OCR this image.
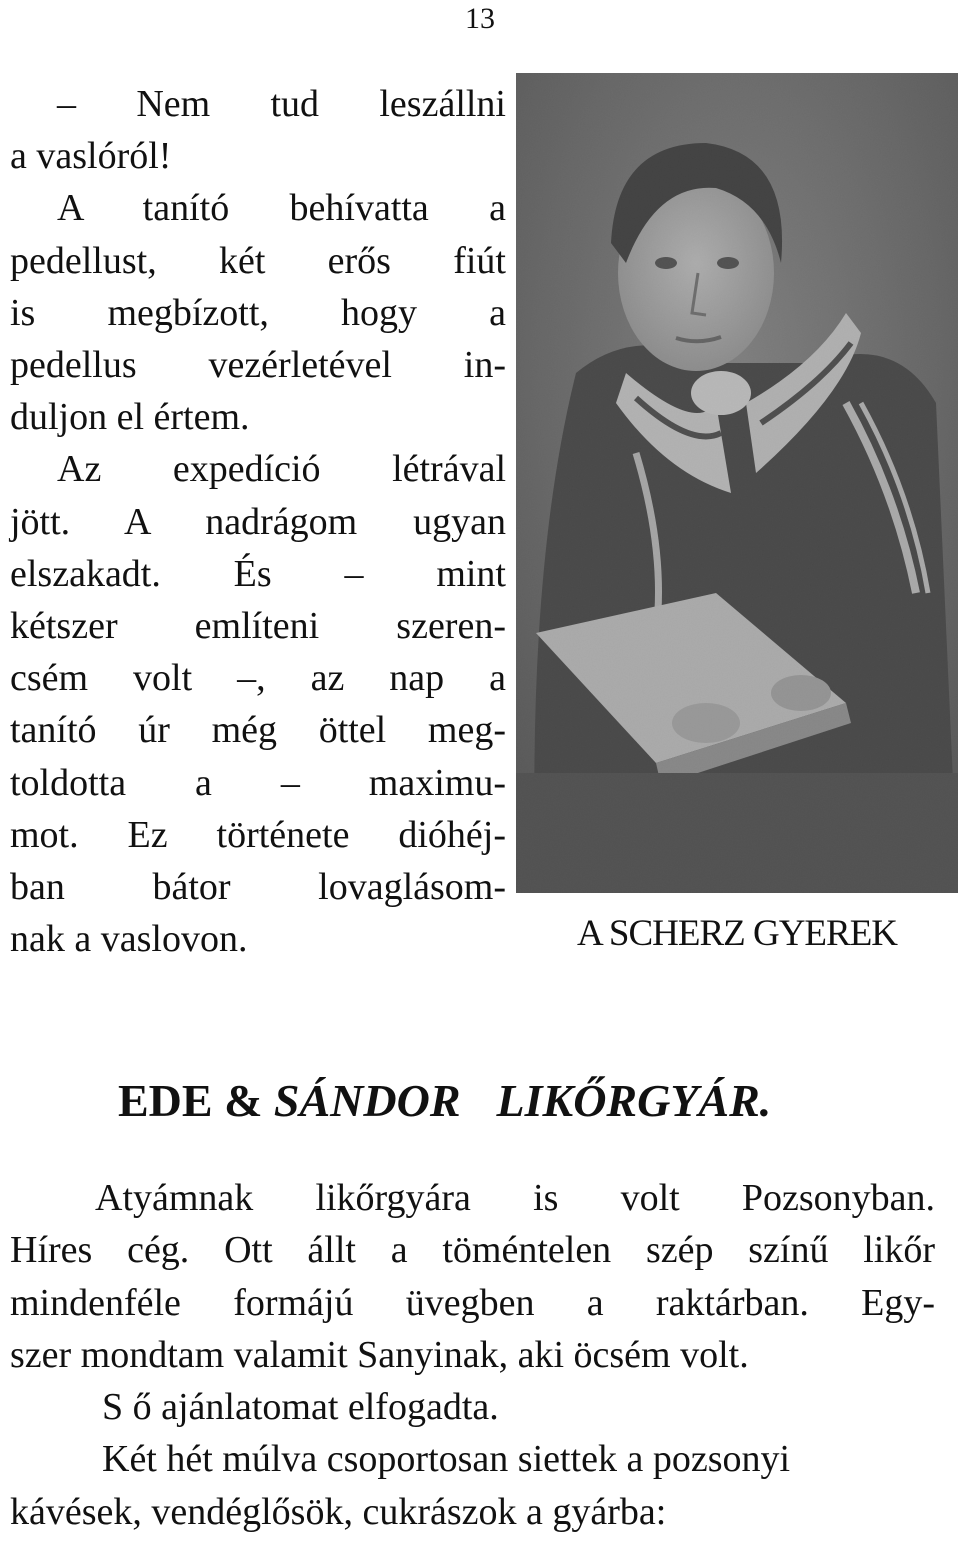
13
– Nem tud leszállni
a vaslóról!
A tanító behívatta a
pedellust, két erős fiút
is megbízott, hogy a
pedellus vezérletével in-
duljon el értem.
Az expedíció létrával
jött. A nadrágom ugyan
elszakadt. És – mint
kétszer említeni szeren-
csém volt –, az nap a
tanító úr még öttel meg-
toldotta a – maximu-
mot. Ez története dióhéj-
ban bátor lovaglásom-
nak a vaslovon.	A SCHERZ GYEREK
EDE & SÁNDOR LIKŐRGYÁR.
Atyámnak likőrgyára is volt Pozsonyban.
Híres cég. Ott állt a töméntelen szép színű likőr
mindenféle formájú üvegben a raktárban. Egy-
szer mondtam valamit Sanyinak, aki öcsém volt.
S ő ajánlatomat elfogadta.
Két hét múlva csoportosan siettek a pozsonyi
kávések, vendéglősök, cukrászok a gyárba:
